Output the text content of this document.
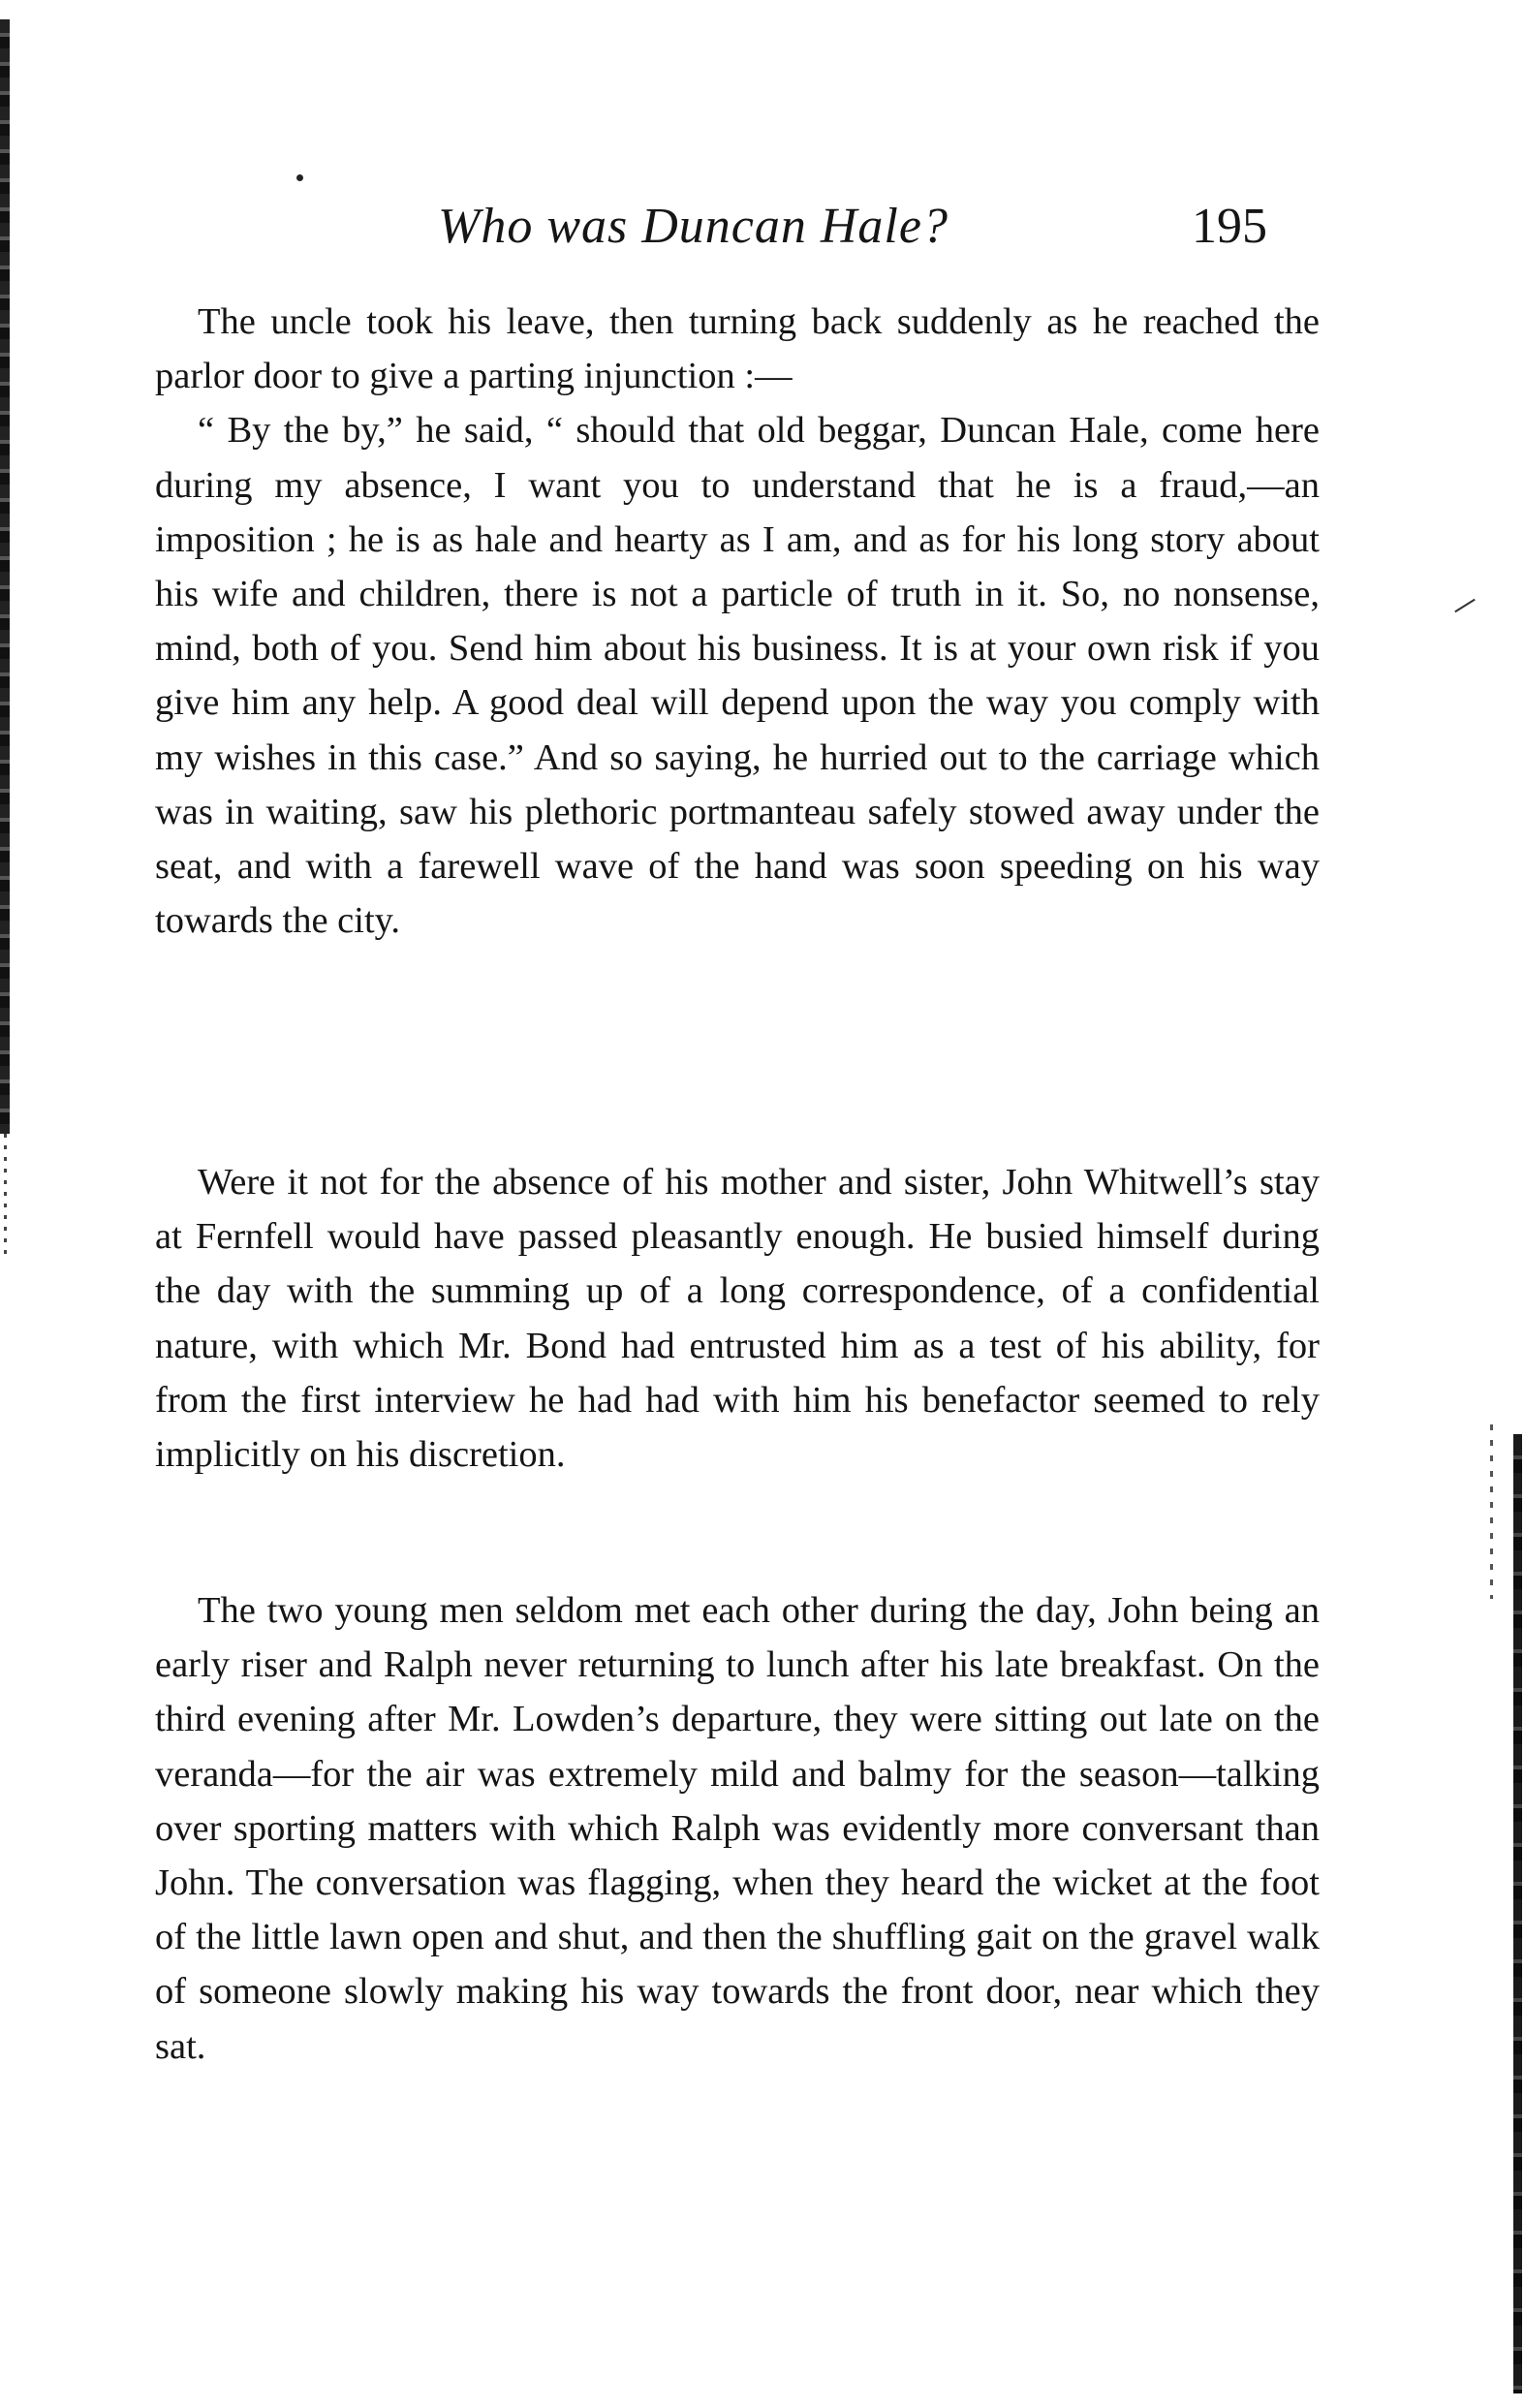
Who was Duncan Hale?	195

The uncle took his leave, then turning back suddenly as he reached the parlor door to give a parting injunction :—

“ By the by,” he said, “ should that old beggar, Duncan Hale, come here during my absence, I want you to understand that he is a fraud,—an imposition ; he is as hale and hearty as I am, and as for his long story about his wife and children, there is not a particle of truth in it. So, no nonsense, mind, both of you. Send him about his business. It is at your own risk if you give him any help. A good deal will depend upon the way you comply with my wishes in this case.” And so saying, he hurried out to the carriage which was in waiting, saw his plethoric portmanteau safely stowed away under the seat, and with a farewell wave of the hand was soon speeding on his way towards the city.

Were it not for the absence of his mother and sister, John Whitwell’s stay at Fernfell would have passed pleasantly enough. He busied himself during the day with the summing up of a long correspondence, of a confidential nature, with which Mr. Bond had entrusted him as a test of his ability, for from the first interview he had had with him his benefactor seemed to rely implicitly on his discretion.

The two young men seldom met each other during the day, John being an early riser and Ralph never returning to lunch after his late breakfast. On the third evening after Mr. Lowden’s departure, they were sitting out late on the veranda—for the air was extremely mild and balmy for the season—talking over sporting matters with which Ralph was evidently more conversant than John. The conversation was flagging, when they heard the wicket at the foot of the little lawn open and shut, and then the shuffling gait on the gravel walk of someone slowly making his way towards the front door, near which they sat.
